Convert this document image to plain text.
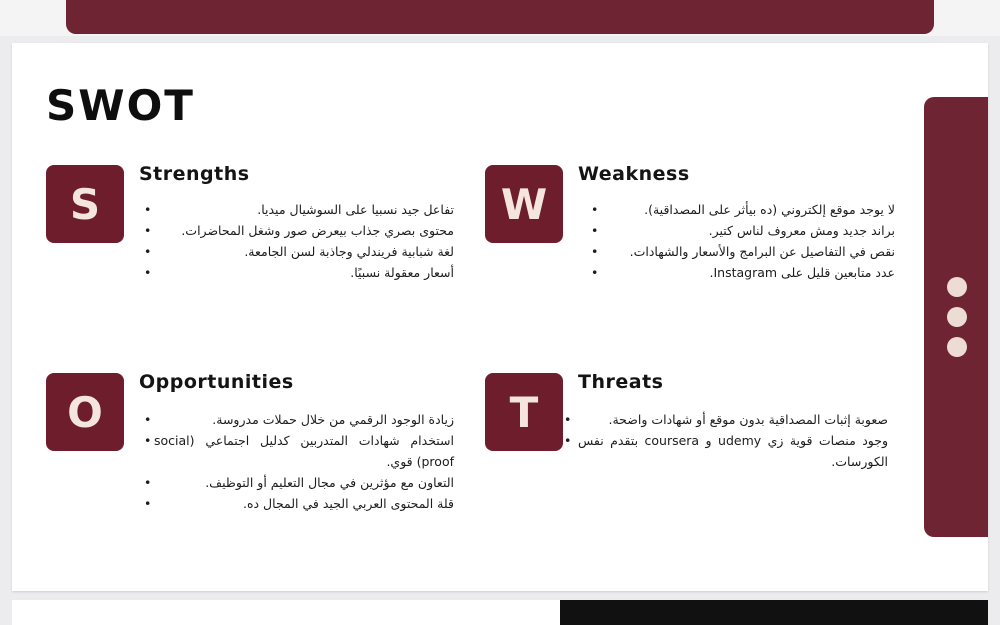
SWOT
S
Strengths
تفاعل جيد نسبيا على السوشيال ميديا. •
محتوى بصري جذاب بيعرض صور وشغل المحاضرات. •
لغة شبابية فريندلي وجاذبة لسن الجامعة. •
أسعار معقولة نسبيًا. •
W
Weakness
لا يوجد موقع إلكتروني (ده بيأثر على المصداقية). •
براند جديد ومش معروف لناس كتير. •
نقص في التفاصيل عن البرامج والأسعار والشهادات. •
عدد متابعين قليل على Instagram. •
O
Opportunities
زيادة الوجود الرقمي من خلال حملات مدروسة. •
استخدام شهادات المتدربين كدليل اجتماعي (social proof) قوي. •
التعاون مع مؤثرين في مجال التعليم أو التوظيف. •
قلة المحتوى العربي الجيد في المجال ده. •
T
Threats
صعوبة إثبات المصداقية بدون موقع أو شهادات واضحة. •
وجود منصات قوية زي udemy و coursera بتقدم نفس الكورسات. •
